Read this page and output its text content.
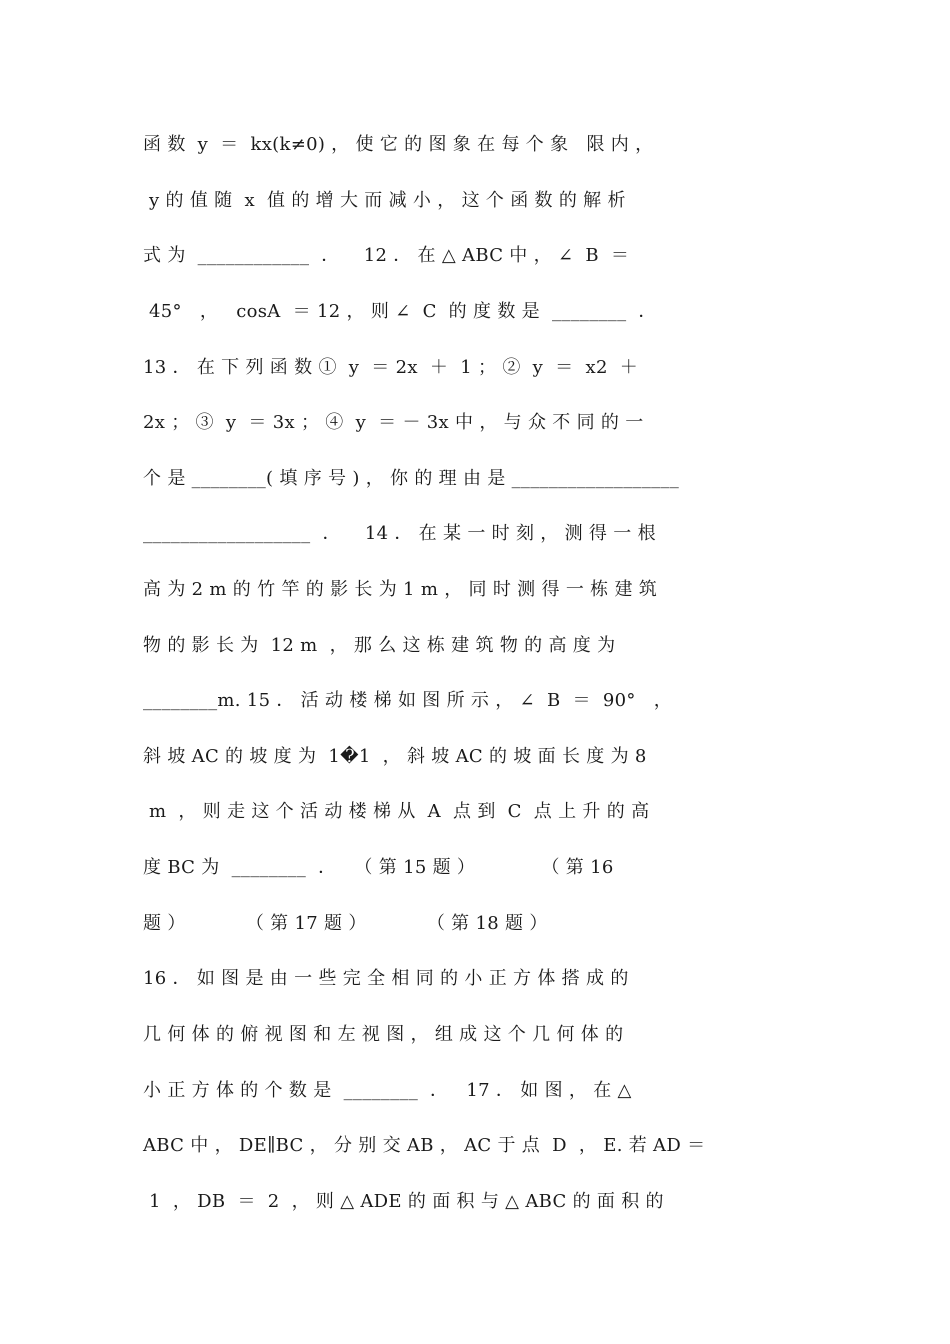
函 数  y  ＝  kx(k≠0) ， 使 它 的 图 象 在 每 个 象   限 内 ，
y 的 值 随  x  值 的 增 大 而 减 小 ， 这 个 函 数 的 解 析
式 为  ____________  ．    12 ． 在 △ ABC 中 ， ∠  B  ＝
45°   ，   cosA  ＝ 12 ， 则 ∠  C  的 度 数 是  ________  ．
13 ． 在 下 列 函 数 ①  y  ＝ 2x  ＋  1 ； ②  y  ＝  x2  ＋
2x ； ③  y  ＝ 3x ； ④  y  ＝ － 3x 中 ， 与 众 不 同 的 一
个 是 ________( 填 序 号 ) ， 你 的 理 由 是 __________________
__________________  ．    14 ． 在 某 一 时 刻 ， 测 得 一 根
高 为 2 m 的 竹 竿 的 影 长 为 1 m ， 同 时 测 得 一 栋 建 筑
物 的 影 长 为  12 m  ， 那 么 这 栋 建 筑 物 的 高 度 为
________m. 15 ． 活 动 楼 梯 如 图 所 示 ， ∠  B  ＝  90°   ，
斜 坡 AC 的 坡 度 为  1�1  ， 斜 坡 AC 的 坡 面 长 度 为 8
m  ， 则 走 这 个 活 动 楼 梯 从  A  点 到  C  点 上 升 的 高
度 BC 为  ________  ．   （ 第 15 题 ）           （ 第 16
题 ）          （ 第 17 题 ）          （ 第 18 题 ）
16 ． 如 图 是 由 一 些 完 全 相 同 的 小 正 方 体 搭 成 的
几 何 体 的 俯 视 图 和 左 视 图 ， 组 成 这 个 几 何 体 的
小 正 方 体 的 个 数 是  ________  ．   17 ． 如 图 ， 在 △
ABC 中 ， DE∥BC ， 分 别 交 AB ， AC 于 点  D  ， E. 若 AD ＝
1  ， DB  ＝  2  ， 则 △ ADE 的 面 积 与 △ ABC 的 面 积 的
